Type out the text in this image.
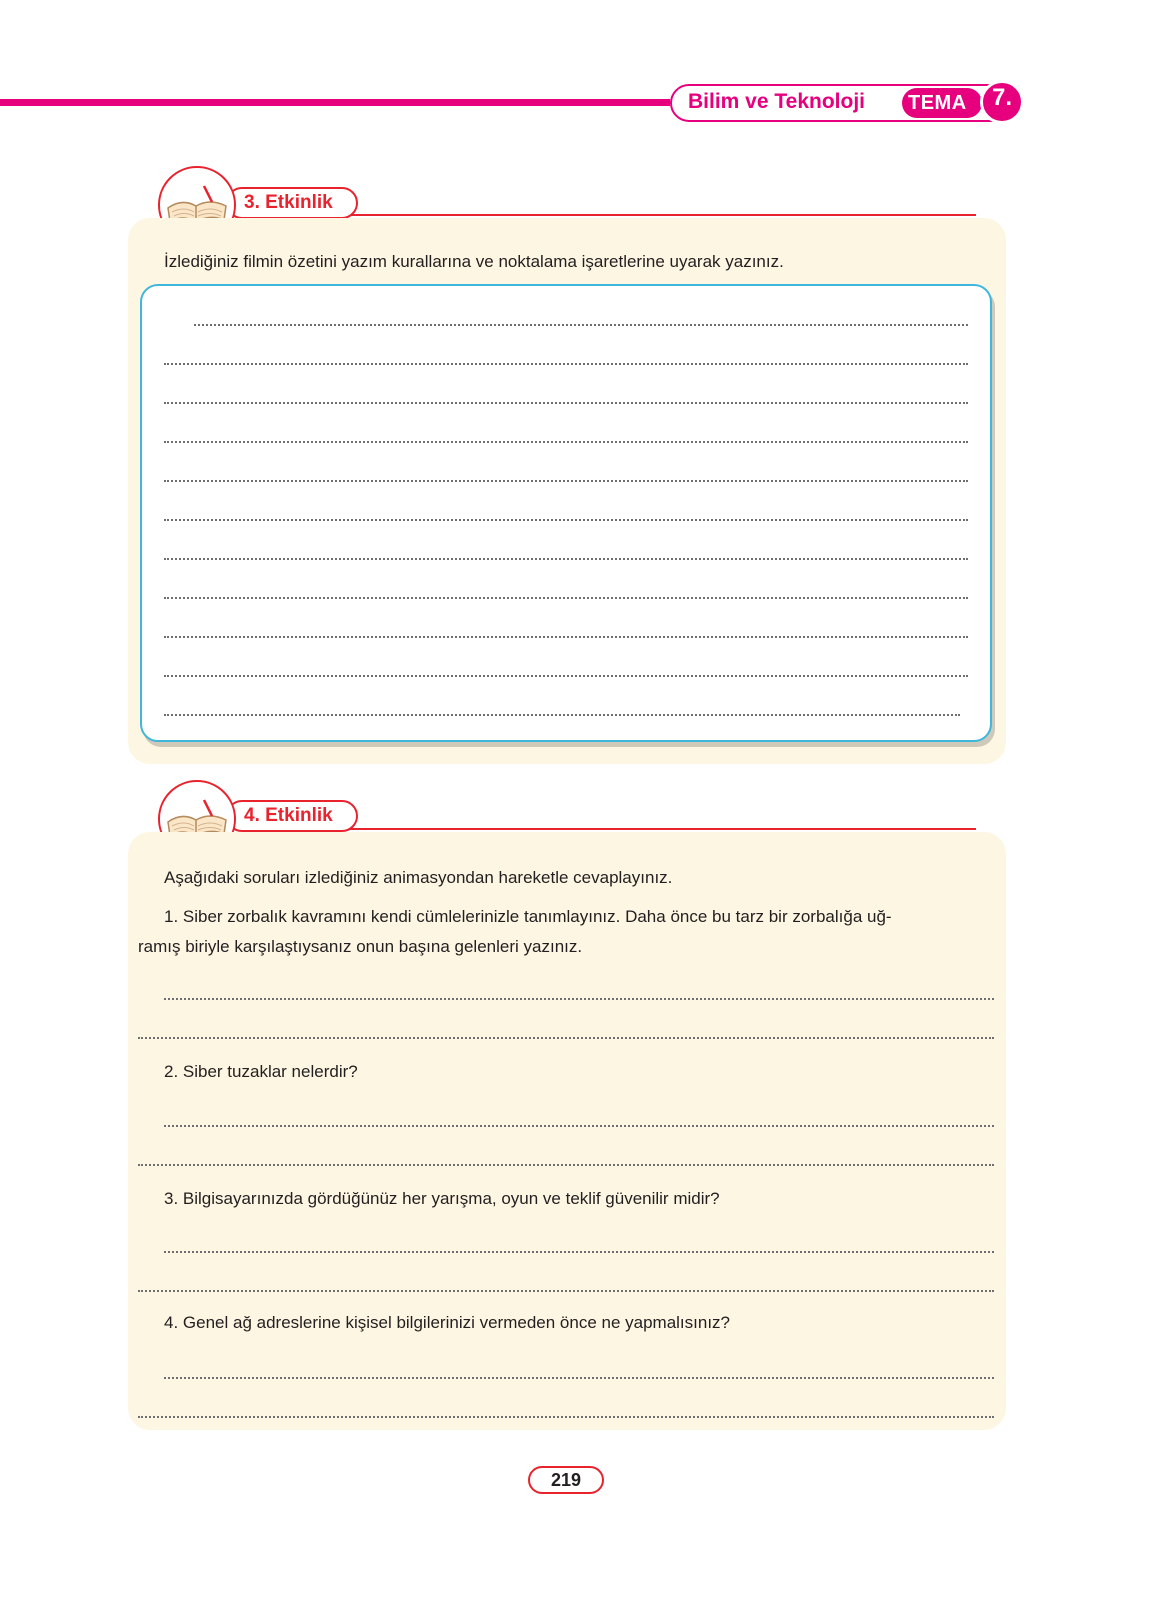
Bilim ve Teknoloji TEMA	7.
3. Etkinlik
İzlediğiniz filmin özetini yazım kurallarına ve noktalama işaretlerine uyarak yazınız.
4. Etkinlik
Aşağıdaki soruları izlediğiniz animasyondan hareketle cevaplayınız.
1. Siber zorbalık kavramını kendi cümlelerinizle tanımlayınız. Daha önce bu tarz bir zorbalığa uğ-
ramış biriyle karşılaştıysanız onun başına gelenleri yazınız.
2. Siber tuzaklar nelerdir?
3. Bilgisayarınızda gördüğünüz her yarışma, oyun ve teklif güvenilir midir?
4. Genel ağ adreslerine kişisel bilgilerinizi vermeden önce ne yapmalısınız?
219
